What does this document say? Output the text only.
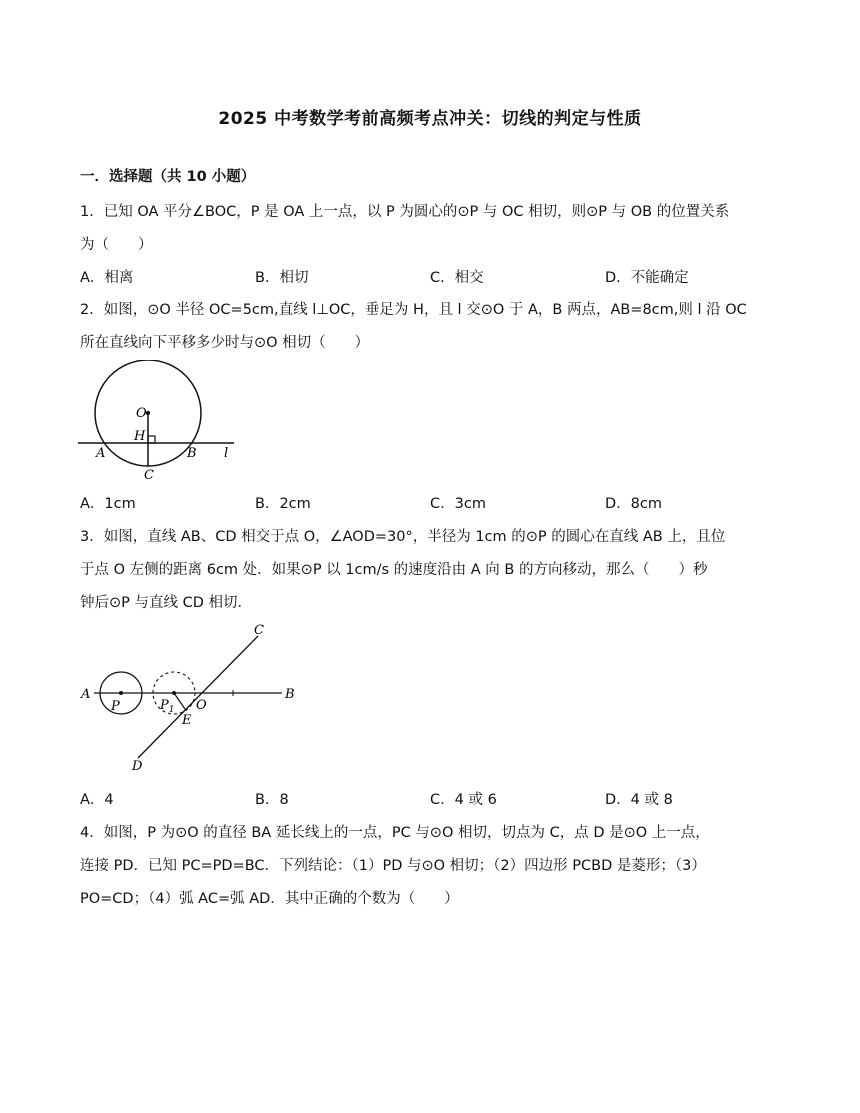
2025 中考数学考前高频考点冲关：切线的判定与性质
一．选择题（共 10 小题）
1．已知 OA 平分∠BOC，P 是 OA 上一点，以 P 为圆心的⊙P 与 OC 相切，则⊙P 与 OB 的位置关系
为（　　）
A．相离	B．相切	C．相交	D．不能确定
2．如图，⊙O 半径 OC=5cm,直线 l⊥OC，垂足为 H，且 l 交⊙O 于 A，B 两点，AB=8cm,则 l 沿 OC
所在直线向下平移多少时与⊙O 相切（　　）
O
H
A	B
C
l
A．1cm	B．2cm	C．3cm	D．8cm
3．如图，直线 AB、CD 相交于点 O，∠AOD=30°，半径为 1cm 的⊙P 的圆心在直线 AB 上，且位
于点 O 左侧的距离 6cm 处．如果⊙P 以 1cm/s 的速度沿由 A 向 B 的方向移动，那么（　　）秒
钟后⊙P 与直线 CD 相切．
A	B
C
D
P	$P_1$ O
E
A．4	B．8	C．4 或 6	D．4 或 8
4．如图，P 为⊙O 的直径 BA 延长线上的一点，PC 与⊙O 相切，切点为 C，点 D 是⊙O 上一点，
连接 PD．已知 PC=PD=BC．下列结论：（1）PD 与⊙O 相切；（2）四边形 PCBD 是菱形；（3）
PO=CD；（4）弧 AC=弧 AD．其中正确的个数为（　　）
